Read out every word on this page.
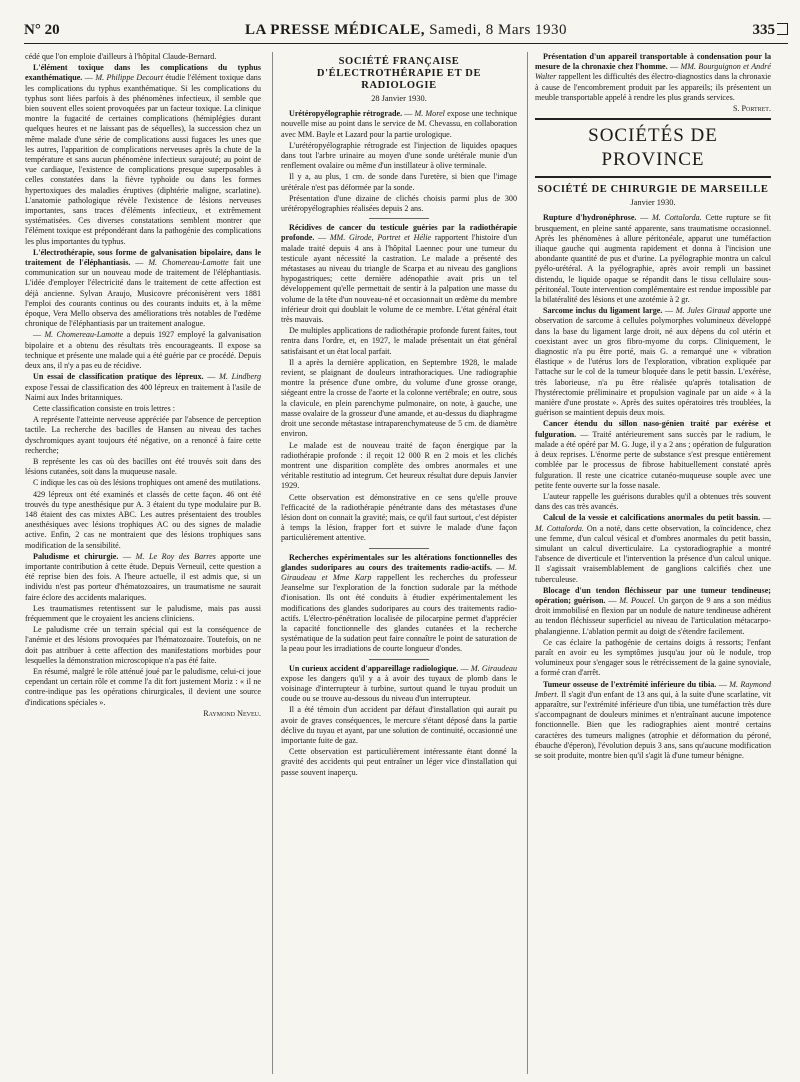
N° 20	LA PRESSE MÉDICALE, Samedi, 8 Mars 1930	335

cédé que l'on emploie d'ailleurs à l'hôpital Claude-Bernard.

L'élément toxique dans les complications du typhus exanthématique. — M. Philippe Decourt étudie l'élément toxique dans les complications du typhus exanthématique. Si les complications du typhus sont liées parfois à des phénomènes infectieux, il semble que bien souvent elles soient provoquées par un facteur toxique. La clinique montre la fugacité de certaines complications (hémiplégies durant quelques heures et ne laissant pas de séquelles), la succession chez un même malade d'une série de complications aussi fugaces les unes que les autres, l'apparition de complications nerveuses après la chute de la température et sans aucun phénomène infectieux surajouté; au point de vue cardiaque, l'existence de complications presque superposables à celles constatées dans la fièvre typhoïde ou dans les formes hypertoxiques des maladies éruptives (diphtérie maligne, scarlatine). L'anatomie pathologique révèle l'existence de lésions nerveuses importantes, sans traces d'éléments infectieux, et extrêmement systématisées. Ces diverses constatations semblent montrer que l'élément toxique est prépondérant dans la pathogénie des complications les plus importantes du typhus.

L'électrothérapie, sous forme de galvanisation bipolaire, dans le traitement de l'éléphantiasis. — M. Chomereau-Lamotte fait une communication sur un nouveau mode de traitement de l'éléphantiasis. L'idée d'employer l'électricité dans le traitement de cette affection est déjà ancienne. Sylvan Araujo, Musicovre préconisèrent vers 1881 l'emploi des courants continus ou des courants induits et, à la même époque, Vera Mello observa des améliorations très notables de l'œdème chronique de l'éléphantiasis par un traitement analogue.

— M. Chomereau-Lamotte a depuis 1927 employé la galvanisation bipolaire et a obtenu des résultats très encourageants. Il expose sa technique et présente une malade qui a été guérie par ce procédé. Depuis deux ans, il n'y a pas eu de récidive.

Un essai de classification pratique des lépreux. — M. Lindberg expose l'essai de classification des 400 lépreux en traitement à l'asile de Naimi aux Indes britanniques.

Cette classification consiste en trois lettres :

A représente l'atteinte nerveuse appréciée par l'absence de perception tactile. La recherche des bacilles de Hansen au niveau des taches dyschromiques ayant toujours été négative, on a renoncé à faire cette recherche;

B représente les cas où des bacilles ont été trouvés soit dans des lésions cutanées, soit dans la muqueuse nasale.

C indique les cas où des lésions trophiques ont amené des mutilations.

429 lépreux ont été examinés et classés de cette façon. 46 ont été trouvés du type anesthésique pur A. 3 étaient du type modulaire pur B. 148 étaient des cas mixtes ABC. Les autres présentaient des troubles anesthésiques avec lésions trophiques AC ou des signes de maladie active. Enfin, 2 cas ne montraient que des lésions trophiques sans modification de la sensibilité.

Paludisme et chirurgie. — M. Le Roy des Barres apporte une importante contribution à cette étude. Depuis Verneuil, cette question a été reprise bien des fois. A l'heure actuelle, il est admis que, si un individu n'est pas porteur d'hématozoaires, un traumatisme ne saurait faire éclore des accidents malariques.

Les traumatismes retentissent sur le paludisme, mais pas aussi fréquemment que le croyaient les anciens cliniciens.

Le paludisme crée un terrain spécial qui est la conséquence de l'anémie et des lésions provoquées par l'hématozoaire. Toutefois, on ne doit pas attribuer à cette affection des manifestations morbides pour lesquelles la démonstration microscopique n'a pas été faite.

En résumé, malgré le rôle atténué joué par le paludisme, celui-ci joue cependant un certain rôle et comme l'a dit fort justement Moriz : « il ne contre-indique pas les opérations chirurgicales, il devient une source d'indications spéciales ».

Raymond Neveu.
SOCIÉTÉ FRANÇAISE D'ÉLECTROTHÉRAPIE ET DE RADIOLOGIE
28 Janvier 1930.

Urétéropyélographie rétrograde. — M. Morel expose une technique nouvelle mise au point dans le service de M. Chevassu, en collaboration avec MM. Bayle et Lazard pour la partie urologique.

L'urétéropyélographie rétrograde est l'injection de liquides opaques dans tout l'arbre urinaire au moyen d'une sonde urétérale munie d'un renflement ovalaire ou même d'un instillateur à olive terminale.

Il y a, au plus, 1 cm. de sonde dans l'uretère, si bien que l'image urétérale n'est pas déformée par la sonde.

Présentation d'une dizaine de clichés choisis parmi plus de 300 urétéropyélographies réalisées depuis 2 ans.

Récidives de cancer du testicule guéries par la radiothérapie profonde. — MM. Girode, Portret et Hélie rapportent l'histoire d'un malade traité depuis 4 ans à l'hôpital Laennec pour une tumeur du testicule ayant nécessité la castration. Le malade a présenté des métastases au niveau du triangle de Scarpa et au niveau des ganglions hypogastriques; cette dernière adénopathie avait pris un tel développement qu'elle permettait de sentir à la palpation une masse du volume de la tête d'un nouveau-né et occasionnait un œdème du membre inférieur droit qui doublait le volume de ce membre. L'état général était très mauvais.

De multiples applications de radiothérapie profonde furent faites, tout rentra dans l'ordre, et, en 1927, le malade présentait un état général satisfaisant et un état local parfait.

Il a après la dernière application, en Septembre 1928, le malade revient, se plaignant de douleurs intrathoraciques. Une radiographie montre la présence d'une ombre, du volume d'une grosse orange, siégeant entre la crosse de l'aorte et la colonne vertébrale; en outre, sous la clavicule, en plein parenchyme pulmonaire, on note, à gauche, une masse ovalaire de la grosseur d'une amande, et au-dessus du diaphragme droit une seconde métastase intraparenchymateuse de 5 cm. de diamètre environ.

Le malade est de nouveau traité de façon énergique par la radiothérapie profonde : il reçoit 12 000 R en 2 mois et les clichés montrent une disparition complète des ombres anormales et une véritable restitutio ad integrum. Cet heureux résultat dure depuis Janvier 1929.

Cette observation est démonstrative en ce sens qu'elle prouve l'efficacité de la radiothérapie pénétrante dans des métastases d'une lésion dont on connait la gravité; mais, ce qu'il faut surtout, c'est dépister à temps la lésion, frapper fort et suivre le malade d'une façon particulièrement attentive.

Recherches expérimentales sur les altérations fonctionnelles des glandes sudoripares au cours des traitements radio-actifs. — M. Giraudeau et Mme Karp rappellent les recherches du professeur Jeanselme sur l'exploration de la fonction sudorale par la méthode d'ionisation. Ils ont été conduits à étudier expérimentalement les modifications des glandes sudoripares au cours des traitements radio-actifs. L'électro-pénétration localisée de pilocarpine permet d'apprécier la capacité fonctionnelle des glandes cutanées et la recherche systématique de la sudation peut faire connaître le point de saturation de la peau pour les irradiations de courte longueur d'ondes.

Un curieux accident d'appareillage radiologique. — M. Giraudeau expose les dangers qu'il y a à avoir des tuyaux de plomb dans le voisinage d'interrupteur à turbine, surtout quand le tuyau produit un coude ou se trouve au-dessous du niveau d'un interrupteur.

Il a été témoin d'un accident par défaut d'installation qui aurait pu avoir de graves conséquences, le mercure s'étant déposé dans la partie déclive du tuyau et ayant, par une solution de continuité, occasionné une importante fuite de gaz.

Cette observation est particulièrement intéressante étant donné la gravité des accidents qui peut entraîner un léger vice d'installation qui passe souvent inaperçu.

Présentation d'un appareil transportable à condensation pour la mesure de la chronaxie chez l'homme. — MM. Bourguignon et André Walter rappellent les difficultés des électro-diagnostics dans la chronaxie à cause de l'encombrement produit par les appareils; ils présentent un meuble transportable appelé à rendre les plus grands services.

S. Portret.
SOCIÉTÉS DE PROVINCE
SOCIÉTÉ DE CHIRURGIE DE MARSEILLE
Janvier 1930.

Rupture d'hydronéphrose. — M. Cottalorda. Cette rupture se fit brusquement, en pleine santé apparente, sans traumatisme occasionnel. Après les phénomènes à allure péritonéale, apparut une tuméfaction iliaque gauche qui augmenta rapidement et donna à l'incision une abondante quantité de pus et d'urine. La pyélographie montra un calcul pyélo-urétéral. A la pyélographie, après avoir rempli un bassinet distendu, le liquide opaque se répandit dans le tissu cellulaire sous-péritonéal. Toute intervention complémentaire est rendue impossible par la bilatéralité des lésions et une azotémie à 2 gr.

Sarcome inclus du ligament large. — M. Jules Giraud apporte une observation de sarcome à cellules polymorphes volumineux développé dans la base du ligament large droit, né aux dépens du col utérin et coexistant avec un gros fibro-myome du corps. Cliniquement, le diagnostic n'a pu être porté, mais G. a remarqué une « vibration élastique » de l'utérus lors de l'exploration, vibration expliquée par l'attache sur le col de la tumeur bloquée dans le petit bassin. L'exérèse, très laborieuse, n'a pu être réalisée qu'après totalisation de l'hystérectomie préliminaire et propulsion vaginale par un aide « à la manière d'une prostate ». Après des suites opératoires très troublées, la guérison se maintient depuis deux mois.

Cancer étendu du sillon naso-génien traité par exérèse et fulguration. — Traité antérieurement sans succès par le radium, le malade a été opéré par M. G. Juge, il y a 2 ans ; opération de fulguration à deux reprises. L'énorme perte de substance s'est presque entièrement comblée par le processus de fibrose habituellement constaté après fulguration. Il reste une cicatrice cutanéo-muqueuse souple avec une petite fente ouverte sur la fosse nasale.

L'auteur rappelle les guérisons durables qu'il a obtenues très souvent dans des cas très avancés.

Calcul de la vessie et calcifications anormales du petit bassin. — M. Cottalorda. On a noté, dans cette observation, la coïncidence, chez une femme, d'un calcul vésical et d'ombres anormales du petit bassin, simulant un calcul diverticulaire. La cystoradiographie a montré l'absence de diverticule et l'intervention la présence d'un calcul unique. Il s'agissait vraisemblablement de ganglions calcifiés chez une tuberculeuse.

Blocage d'un tendon fléchisseur par une tumeur tendineuse; opération; guérison. — M. Poucel. Un garçon de 9 ans a son médius droit immobilisé en flexion par un nodule de nature tendineuse adhérent au tendon fléchisseur superficiel au niveau de l'articulation métacarpo-phalangienne. L'ablation permit au doigt de s'étendre facilement.

Ce cas éclaire la pathogénie de certains doigts à ressorts; l'enfant paraît en avoir eu les symptômes jusqu'au jour où le nodule, trop volumineux pour s'engager sous le rétrécissement de la gaine synoviale, a formé cran d'arrêt.

Tumeur osseuse de l'extrémité inférieure du tibia. — M. Raymond Imbert. Il s'agit d'un enfant de 13 ans qui, à la suite d'une scarlatine, vit apparaître, sur l'extrémité inférieure d'un tibia, une tuméfaction très dure s'accompagnant de douleurs minimes et n'entraînant aucune impotence fonctionnelle. Bien que les radiographies aient montré certains caractères des tumeurs malignes (atrophie et déformation du péroné, ébauche d'éperon), l'évolution depuis 3 ans, sans qu'aucune modification se soit produite, montre bien qu'il s'agit là d'une tumeur bénigne.
